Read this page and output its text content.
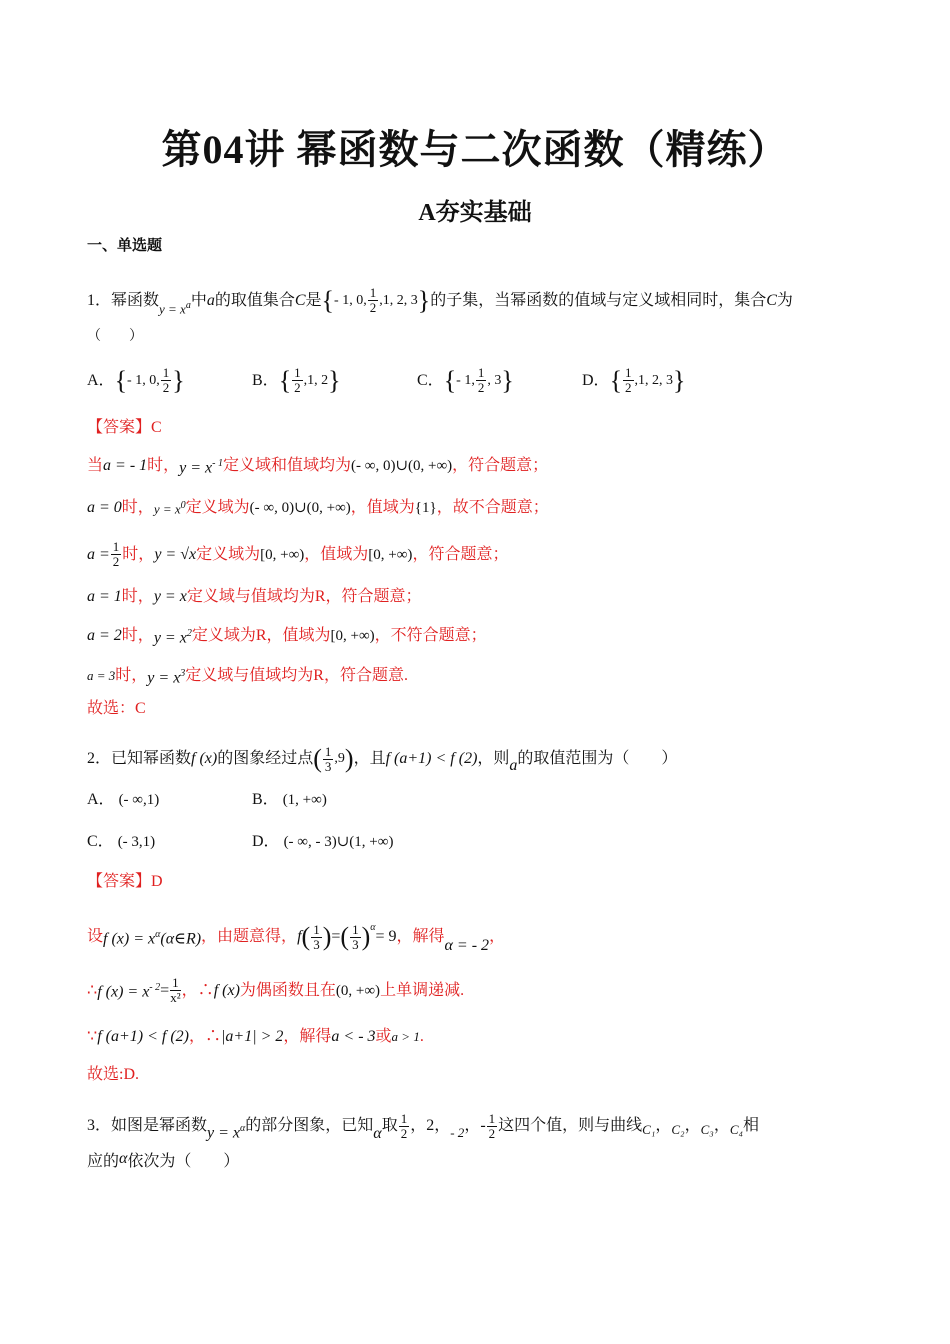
第04讲 幂函数与二次函数（精练）
A夯实基础
一、单选题
1．幂函数
$y = x^a$ 中 a 的取值集合 C 是 { - 1, 0, $\frac{1}{2} ,1$, 2, 3 } 的子集，当幂函数的值域与定义域相同时，集合 C 为
（　　）
A． { - 1, 0, $\frac{1}{2}$ }	B． { $\frac{1}{2} ,1$, 2 }	C． { - 1, $\frac{1}{2}$ , 3 }	D． { $\frac{1}{2} ,1$, 2, 3 }
【答案】C
当 a = - 1 时， $y = x^{- 1}$ 定义域和值域均为 (- ∞, 0)∪(0, +∞) ，符合题意；
a = 0 时， $y = x^0$ 定义域为 (- ∞, 0)∪(0, +∞) ，值域为 {1} ，故不合题意；
$a = \frac{1}{2}$ 时， y = √x 定义域为 [0, +∞) ，值域为 [0, +∞) ，符合题意；
a = 1 时， y = x 定义域与值域均为R，符合题意；
a = 2 时， $y = x^2$ 定义域为R，值域为 [0, +∞) ，不符合题意；
a = 3 时， $y = x^3$ 定义域与值域均为R，符合题意.
故选：C
2．已知幂函数 f (x) 的图象经过点 ( $\frac{1}{3} ,9$ ) ，且 f (a+1) < f (2) ，则 a 的取值范围为（　　）
A． (- ∞,1)	B． (1, +∞)
C． (- 3,1)	D． (- ∞, - 3)∪(1, +∞)
【答案】D
设 f $(x) = x^\alpha(\alpha\in R)$ ，由题意得， f ( $\frac{1}{3}$ ) = ( $\frac{1}{3} )^\alpha$
= 9 ，解得
α = - 2
，
∴ f $(x) = x^{- 2} = \frac{1}{\text{x²}}$ ，∴ f (x) 为偶函数且在 (0, +∞) 上单调递减.
∵ f (a+1) < f (2) ，∴ |a+1| > 2 ，解得 a < - 3 或 a > 1 .
故选:D.
3．如图是幂函数 $y = x^\alpha$ 的部分图象，已知 α 取 $\frac{1}{2}$ ，2， - 2 ， - $\frac{1}{2}$ 这四个值，则与曲线 C₁ ， C₂ ， C₃ ， C₄ 相
应的 α 依次为（　　）
